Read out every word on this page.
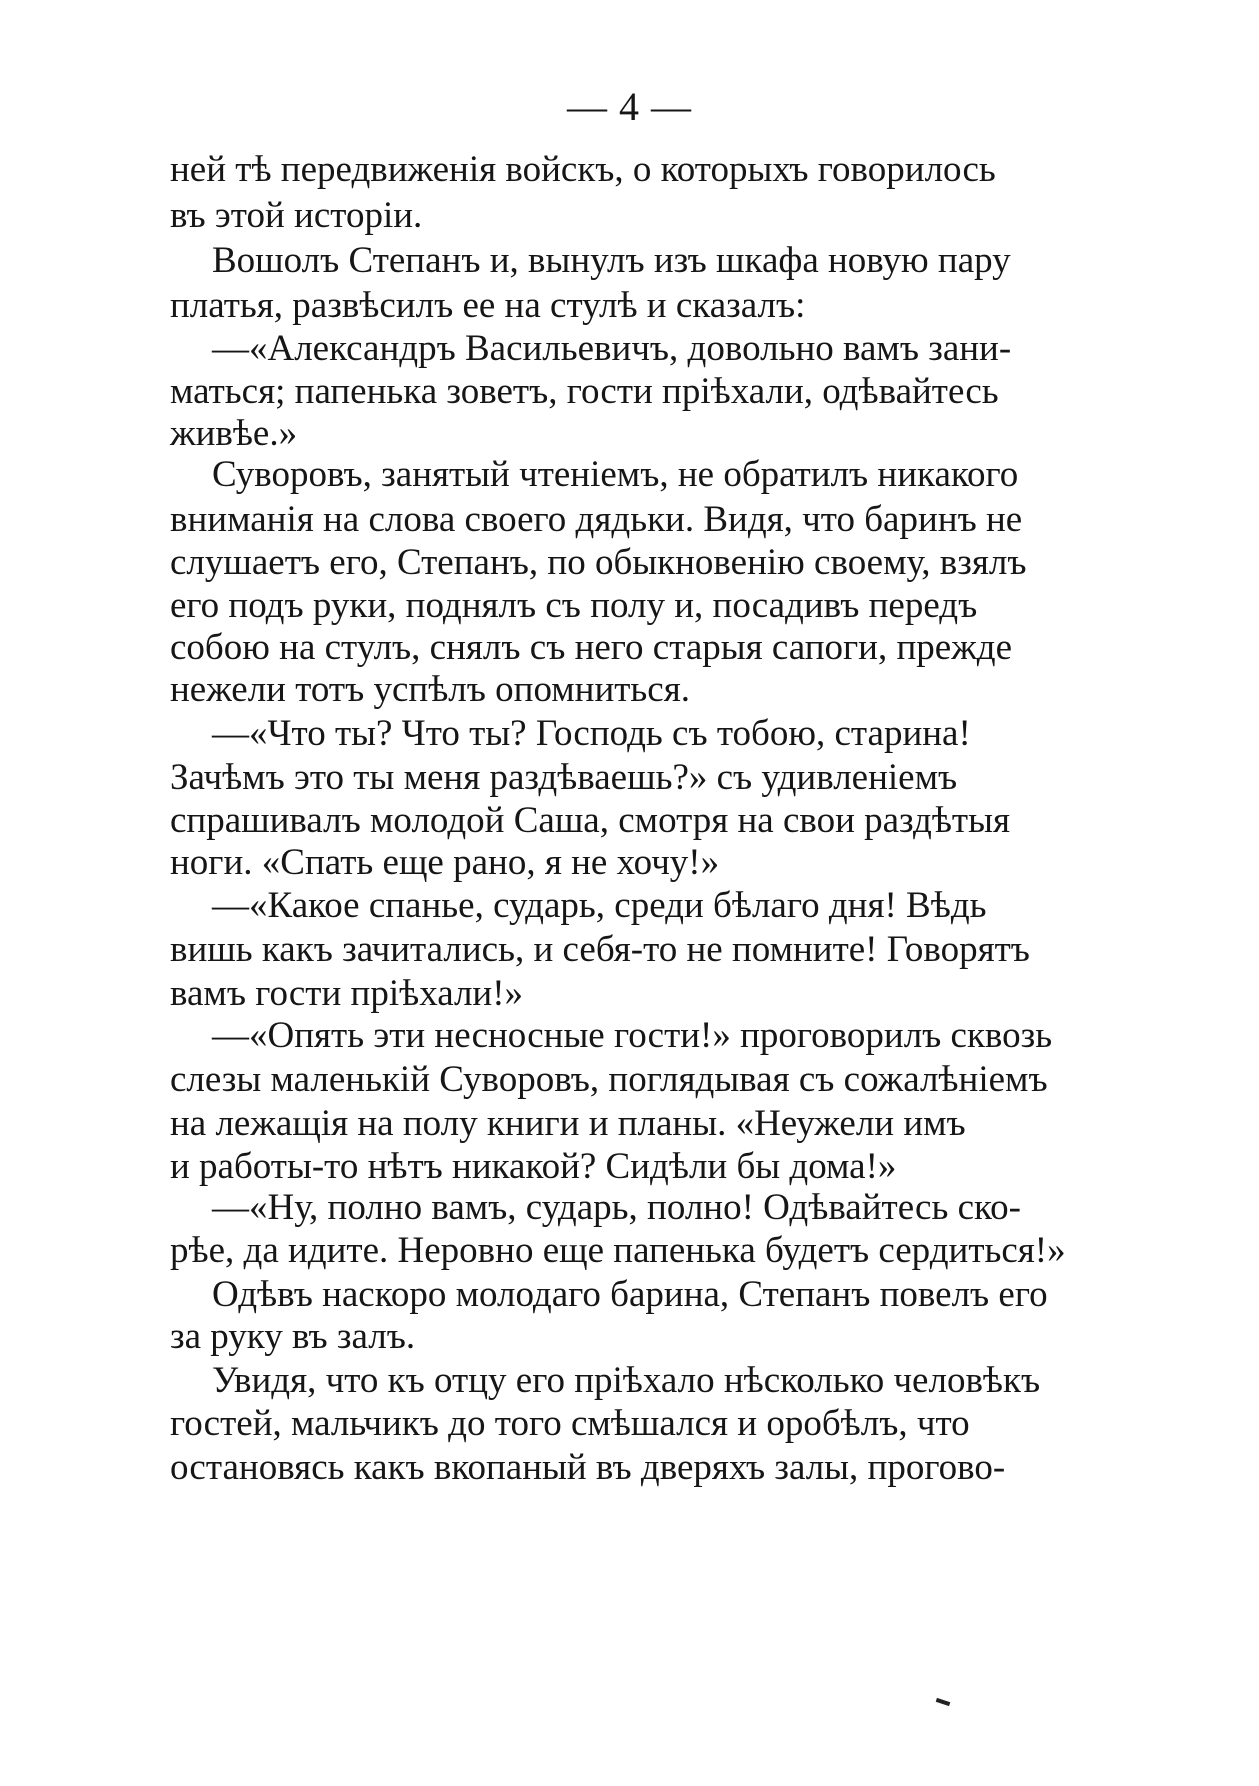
— 4 —
ней тѣ передвиженія войскъ, о которыхъ говорилось
въ этой исторіи.
Вошолъ Степанъ и, вынулъ изъ шкафа новую пару
платья, развѣсилъ ее на стулѣ и сказалъ:
—«Александръ Васильевичъ, довольно вамъ зани-
маться; папенька зоветъ, гости пріѣхали, одѣвайтесь
живѣе.»
Суворовъ, занятый чтеніемъ, не обратилъ никакого
вниманія на слова своего дядьки. Видя, что баринъ не
слушаетъ его, Степанъ, по обыкновенію своему, взялъ
его подъ руки, поднялъ съ полу и, посадивъ передъ
собою на стулъ, снялъ съ него старыя сапоги, прежде
нежели тотъ успѣлъ опомниться.
—«Что ты? Что ты? Господь съ тобою, старина!
Зачѣмъ это ты меня раздѣваешь?» съ удивленіемъ
спрашивалъ молодой Саша, смотря на свои раздѣтыя
ноги. «Спать еще рано, я не хочу!»
—«Какое спанье, сударь, среди бѣлаго дня! Вѣдь
вишь какъ зачитались, и себя-то не помните! Говорятъ
вамъ гости пріѣхали!»
—«Опять эти несносные гости!» проговорилъ сквозь
слезы маленькій Суворовъ, поглядывая съ сожалѣніемъ
на лежащія на полу книги и планы. «Неужели имъ
и работы-то нѣтъ никакой? Сидѣли бы дома!»
—«Ну, полно вамъ, сударь, полно! Одѣвайтесь ско-
рѣе, да идите. Неровно еще папенька будетъ сердиться!»
Одѣвъ наскоро молодаго барина, Степанъ повелъ его
за руку въ залъ.
Увидя, что къ отцу его пріѣхало нѣсколько человѣкъ
гостей, мальчикъ до того смѣшался и оробѣлъ, что
остановясь какъ вкопаный въ дверяхъ залы, прогово-
